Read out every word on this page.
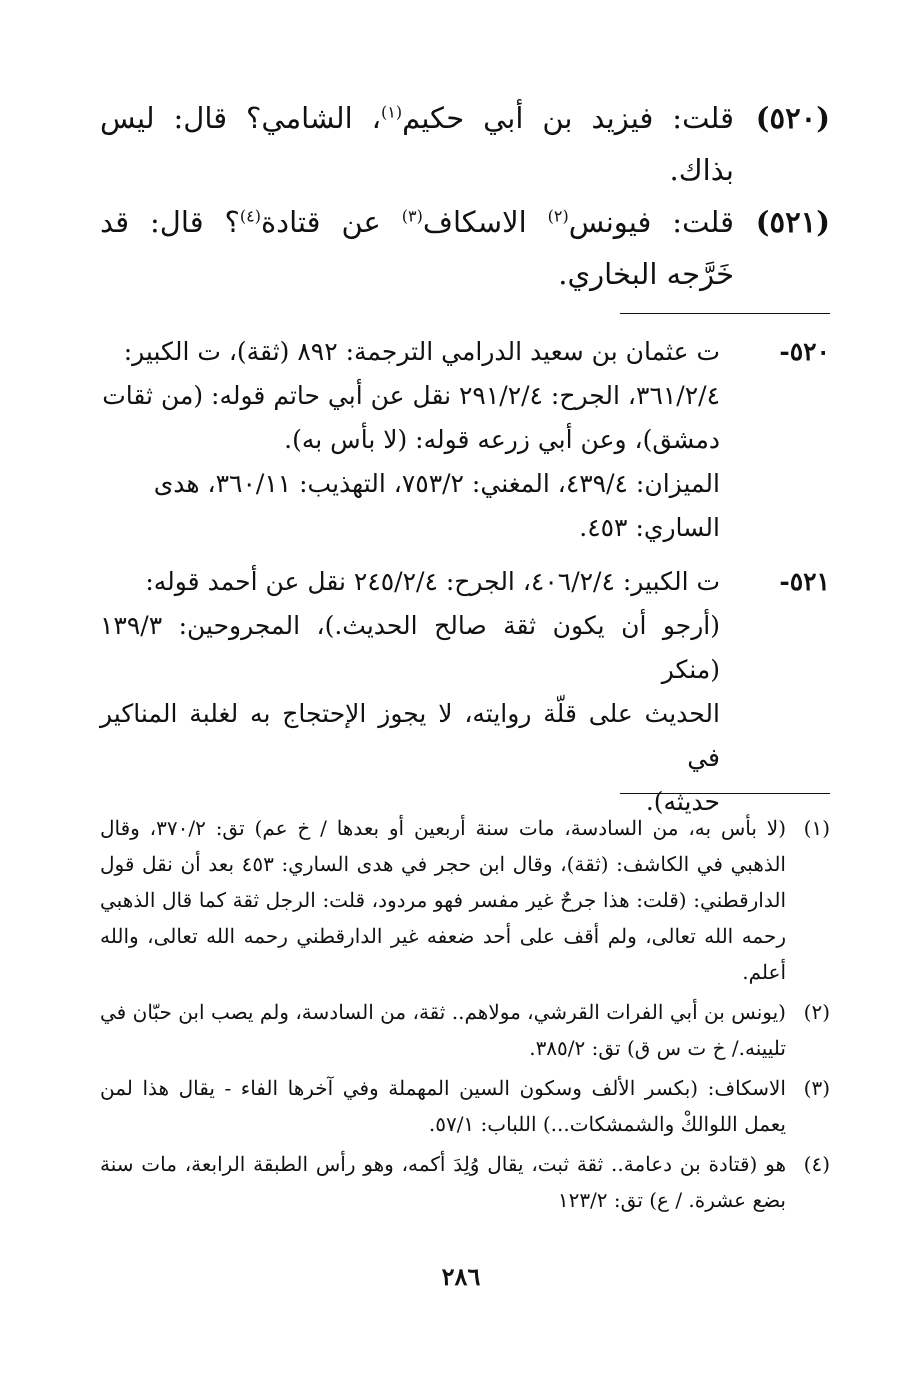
(٥٢٠)
قلت: فيزيد بن أبي حكيم$^{(١)}$، الشامي؟ قال: ليس بذاك.
(٥٢١)
قلت: فيونس$^{(٢)}$ الاسكاف$^{(٣)}$ عن قتادة$^{(٤)}$؟ قال: قد خَرَّجه البخاري.
٥٢٠-
ت عثمان بن سعيد الدرامي الترجمة: ٨٩٢ (ثقة)، ت الكبير:
٣٦١/٢/٤، الجرح: ٢٩١/٢/٤ نقل عن أبي حاتم قوله: (من ثقات
دمشق)، وعن أبي زرعه قوله: (لا بأس به).
الميزان: ٤٣٩/٤، المغني: ٧٥٣/٢، التهذيب: ٣٦٠/١١، هدى
الساري: ٤٥٣.
٥٢١-
ت الكبير: ٤٠٦/٢/٤، الجرح: ٢٤٥/٢/٤ نقل عن أحمد قوله:
(أرجو أن يكون ثقة صالح الحديث.)، المجروحين: ١٣٩/٣ (منكر
الحديث على قلّة روايته، لا يجوز الإحتجاج به لغلبة المناكير في
حديثه).
(١)
(لا بأس به، من السادسة، مات سنة أربعين أو بعدها / خ عم) تق: ٣٧٠/٢، وقال الذهبي في الكاشف: (ثقة)، وقال ابن حجر في هدى الساري: ٤٥٣ بعد أن نقل قول الدارقطني: (قلت: هذا جرحٌ غير مفسر فهو مردود، قلت: الرجل ثقة كما قال الذهبي رحمه الله تعالى، ولم أقف على أحد ضعفه غير الدارقطني رحمه الله تعالى، والله أعلم.
(٢)
(يونس بن أبي الفرات القرشي، مولاهم.. ثقة، من السادسة، ولم يصب ابن حبّان في تليينه./ خ ت س ق) تق: ٣٨٥/٢.
(٣)
الاسكاف: (بكسر الألف وسكون السين المهملة وفي آخرها الفاء - يقال هذا لمن يعمل اللوالكْ والشمشكات...) اللباب: ٥٧/١.
(٤)
هو (قتادة بن دعامة.. ثقة ثبت، يقال وُلِدَ أكمه، وهو رأس الطبقة الرابعة، مات سنة بضع عشرة. / ع) تق: ١٢٣/٢
٢٨٦
